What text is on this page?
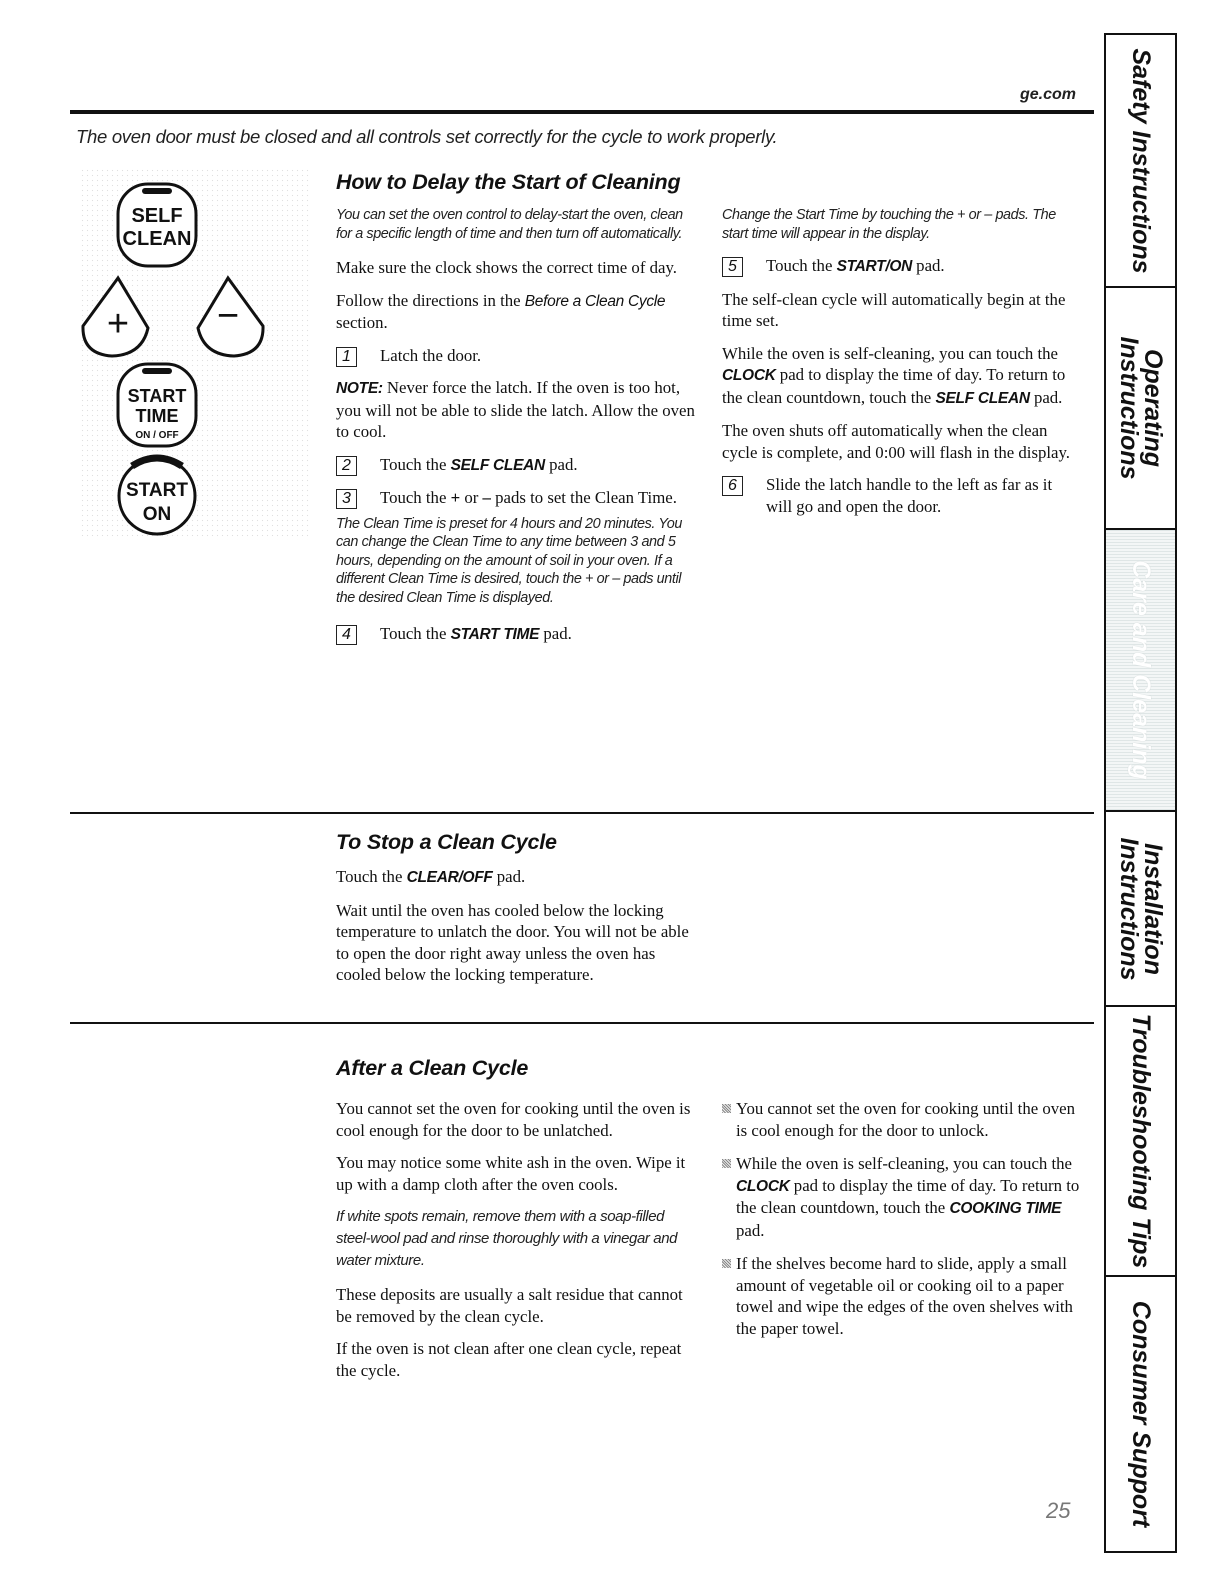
ge.com
The oven door must be closed and all controls set correctly for the cycle to work properly.
SELF
CLEAN
+ −
START
TIME
ON / OFF
START
ON
How to Delay the Start of Cleaning

You can set the oven control to delay-start the oven, clean for a specific length of time and then turn off automatically.

Make sure the clock shows the correct time of day.

Follow the directions in the Before a Clean Cycle section.

1	Latch the door.

NOTE: Never force the latch. If the oven is too hot, you will not be able to slide the latch. Allow the oven to cool.

2	Touch the SELF CLEAN pad.
3	Touch the + or – pads to set the Clean Time.

The Clean Time is preset for 4 hours and 20 minutes. You can change the Clean Time to any time between 3 and 5 hours, depending on the amount of soil in your oven. If a different Clean Time is desired, touch the + or – pads until the desired Clean Time is displayed.

4	Touch the START TIME pad.

Change the Start Time by touching the + or – pads. The start time will appear in the display.

5	Touch the START/ON pad.

The self-clean cycle will automatically begin at the time set.

While the oven is self-cleaning, you can touch the CLOCK pad to display the time of day. To return to the clean countdown, touch the SELF CLEAN pad.

The oven shuts off automatically when the clean cycle is complete, and 0:00 will flash in the display.

6	Slide the latch handle to the left as far as it will go and open the door.
To Stop a Clean Cycle

Touch the CLEAR/OFF pad.

Wait until the oven has cooled below the locking temperature to unlatch the door. You will not be able to open the door right away unless the oven has cooled below the locking temperature.

After a Clean Cycle

You cannot set the oven for cooking until the oven is cool enough for the door to be unlatched.

You may notice some white ash in the oven. Wipe it up with a damp cloth after the oven cools.

If white spots remain, remove them with a soap-filled steel-wool pad and rinse thoroughly with a vinegar and water mixture.

These deposits are usually a salt residue that cannot be removed by the clean cycle.

If the oven is not clean after one clean cycle, repeat the cycle.

You cannot set the oven for cooking until the oven is cool enough for the door to unlock.
While the oven is self-cleaning, you can touch the CLOCK pad to display the time of day. To return to the clean countdown, touch the COOKING TIME pad.
If the shelves become hard to slide, apply a small amount of vegetable oil or cooking oil to a paper towel and wipe the edges of the oven shelves with the paper towel.
Safety Instructions
Operating Instructions
Care and Cleaning
Installation Instructions
Troubleshooting Tips
Consumer Support
25
